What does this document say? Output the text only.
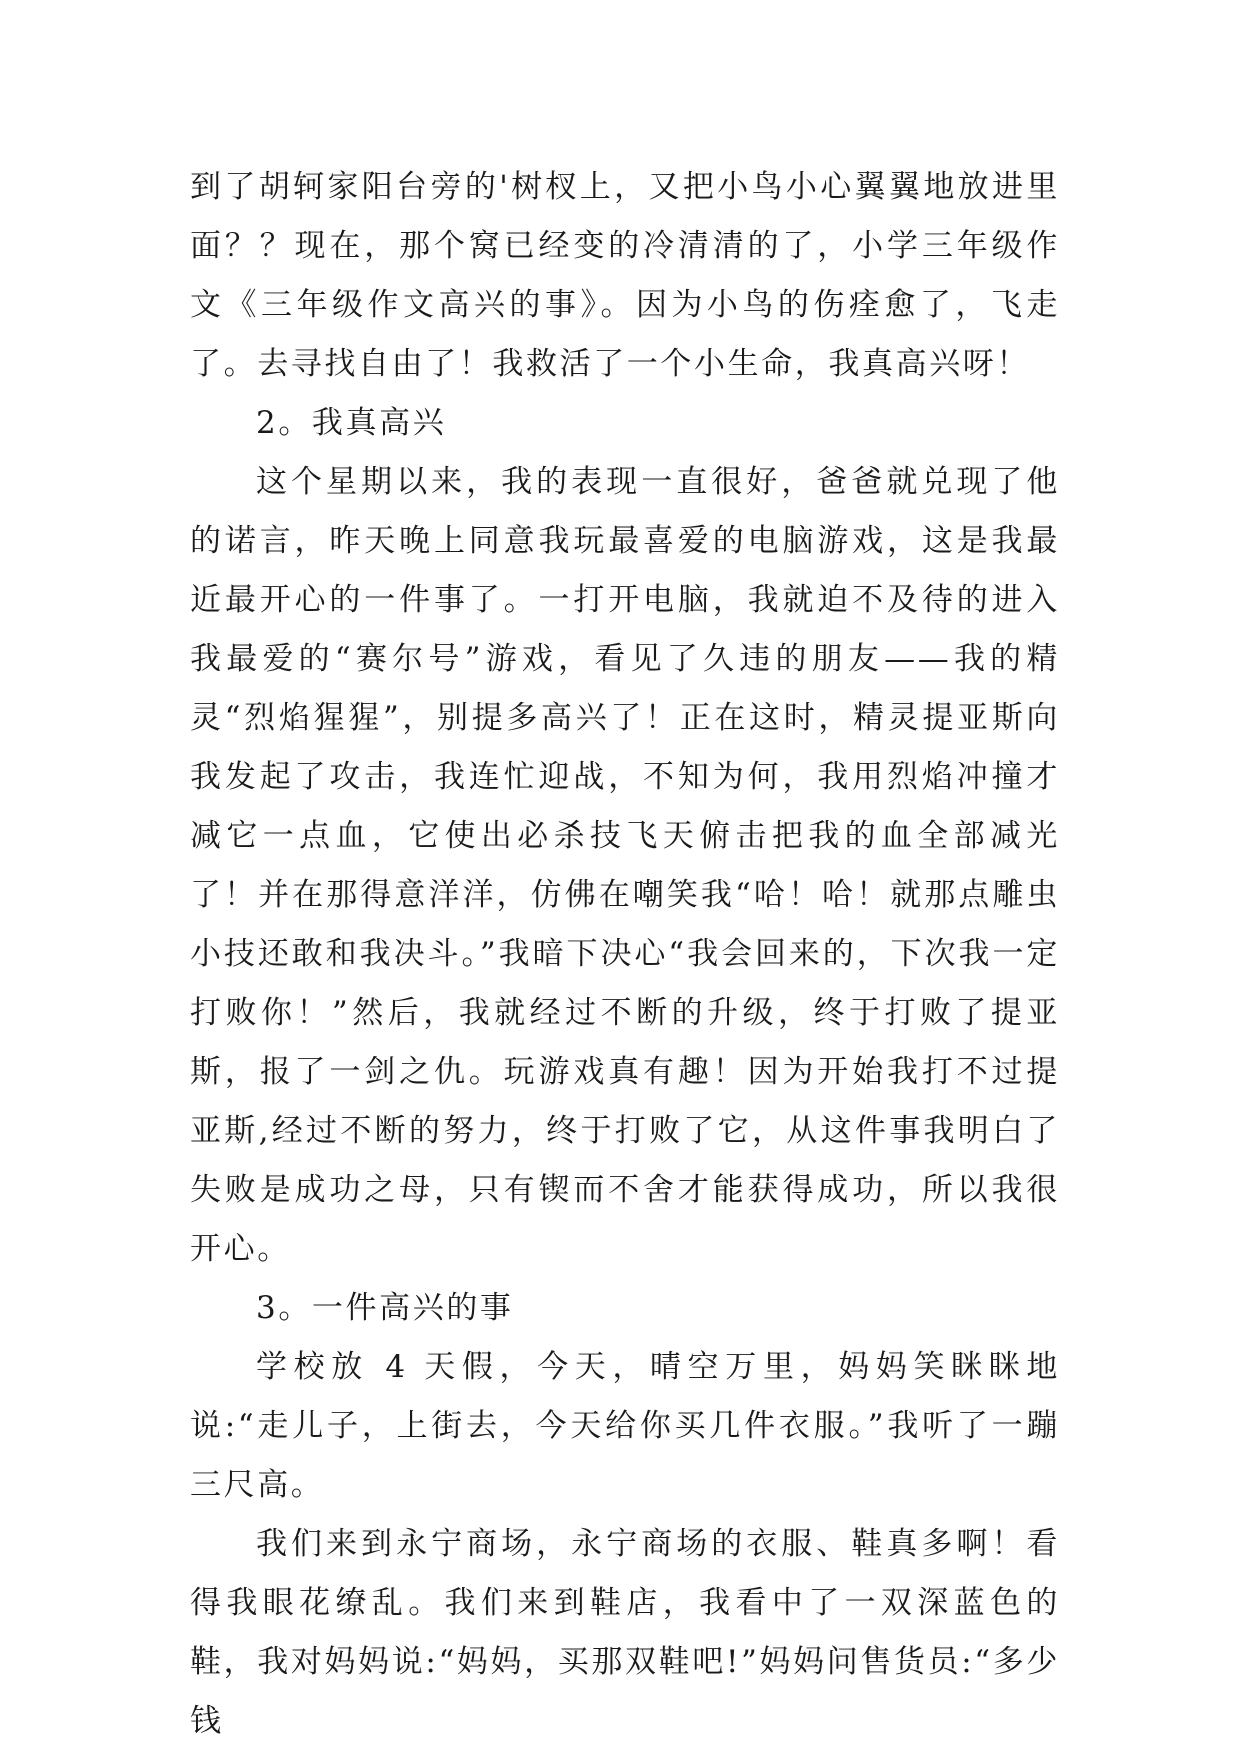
到了胡轲家阳台旁的'树杈上，又把小鸟小心翼翼地放进里面？？现在，那个窝已经变的冷清清的了，小学三年级作文《三年级作文高兴的事》。因为小鸟的伤痊愈了，飞走了。去寻找自由了！我救活了一个小生命，我真高兴呀！

2。我真高兴

这个星期以来，我的表现一直很好，爸爸就兑现了他的诺言，昨天晚上同意我玩最喜爱的电脑游戏，这是我最近最开心的一件事了。一打开电脑，我就迫不及待的进入我最爱的“赛尔号”游戏，看见了久违的朋友——我的精灵“烈焰猩猩”，别提多高兴了！正在这时，精灵提亚斯向我发起了攻击，我连忙迎战，不知为何，我用烈焰冲撞才减它一点血，它使出必杀技飞天俯击把我的血全部减光了！并在那得意洋洋，仿佛在嘲笑我“哈！哈！就那点雕虫小技还敢和我决斗。”我暗下决心“我会回来的，下次我一定打败你！”然后，我就经过不断的升级，终于打败了提亚斯，报了一剑之仇。玩游戏真有趣！因为开始我打不过提亚斯,经过不断的努力，终于打败了它，从这件事我明白了失败是成功之母，只有锲而不舍才能获得成功，所以我很开心。

3。一件高兴的事

学校放 4 天假，今天，晴空万里，妈妈笑眯眯地说:“走儿子，上街去，今天给你买几件衣服。”我听了一蹦三尺高。

我们来到永宁商场，永宁商场的衣服、鞋真多啊！看得我眼花缭乱。我们来到鞋店，我看中了一双深蓝色的鞋，我对妈妈说:“妈妈，买那双鞋吧!”妈妈问售货员:“多少钱
